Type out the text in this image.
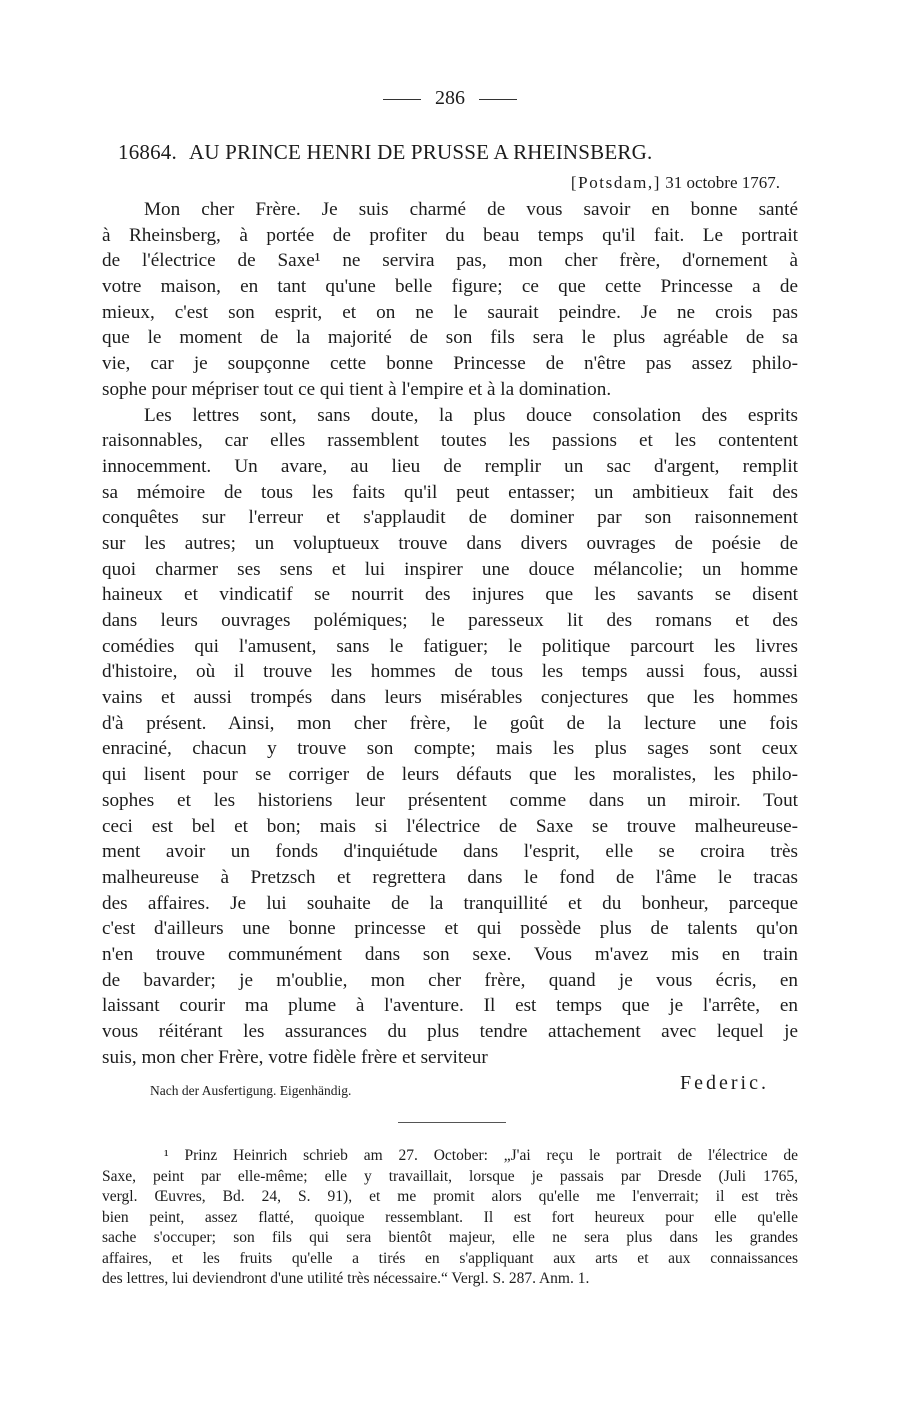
286
16864. AU PRINCE HENRI DE PRUSSE A RHEINSBERG.
[Potsdam,] 31 octobre 1767.
Mon cher Frère. Je suis charmé de vous savoir en bonne santé
à Rheinsberg, à portée de profiter du beau temps qu'il fait. Le portrait
de l'électrice de Saxe¹ ne servira pas, mon cher frère, d'ornement à
votre maison, en tant qu'une belle figure; ce que cette Princesse a de
mieux, c'est son esprit, et on ne le saurait peindre. Je ne crois pas
que le moment de la majorité de son fils sera le plus agréable de sa
vie, car je soupçonne cette bonne Princesse de n'être pas assez philo-
sophe pour mépriser tout ce qui tient à l'empire et à la domination.
Les lettres sont, sans doute, la plus douce consolation des esprits
raisonnables, car elles rassemblent toutes les passions et les contentent
innocemment. Un avare, au lieu de remplir un sac d'argent, remplit
sa mémoire de tous les faits qu'il peut entasser; un ambitieux fait des
conquêtes sur l'erreur et s'applaudit de dominer par son raisonnement
sur les autres; un voluptueux trouve dans divers ouvrages de poésie de
quoi charmer ses sens et lui inspirer une douce mélancolie; un homme
haineux et vindicatif se nourrit des injures que les savants se disent
dans leurs ouvrages polémiques; le paresseux lit des romans et des
comédies qui l'amusent, sans le fatiguer; le politique parcourt les livres
d'histoire, où il trouve les hommes de tous les temps aussi fous, aussi
vains et aussi trompés dans leurs misérables conjectures que les hommes
d'à présent. Ainsi, mon cher frère, le goût de la lecture une fois
enraciné, chacun y trouve son compte; mais les plus sages sont ceux
qui lisent pour se corriger de leurs défauts que les moralistes, les philo-
sophes et les historiens leur présentent comme dans un miroir. Tout
ceci est bel et bon; mais si l'électrice de Saxe se trouve malheureuse-
ment avoir un fonds d'inquiétude dans l'esprit, elle se croira très
malheureuse à Pretzsch et regrettera dans le fond de l'âme le tracas
des affaires. Je lui souhaite de la tranquillité et du bonheur, parceque
c'est d'ailleurs une bonne princesse et qui possède plus de talents qu'on
n'en trouve communément dans son sexe. Vous m'avez mis en train
de bavarder; je m'oublie, mon cher frère, quand je vous écris, en
laissant courir ma plume à l'aventure. Il est temps que je l'arrête, en
vous réitérant les assurances du plus tendre attachement avec lequel je
suis, mon cher Frère, votre fidèle frère et serviteur
Nach der Ausfertigung. Eigenhändig.	Federic.
¹ Prinz Heinrich schrieb am 27. October: „J'ai reçu le portrait de l'électrice de
Saxe, peint par elle-même; elle y travaillait, lorsque je passais par Dresde (Juli 1765,
vergl. Œuvres, Bd. 24, S. 91), et me promit alors qu'elle me l'enverrait; il est très
bien peint, assez flatté, quoique ressemblant. Il est fort heureux pour elle qu'elle
sache s'occuper; son fils qui sera bientôt majeur, elle ne sera plus dans les grandes
affaires, et les fruits qu'elle a tirés en s'appliquant aux arts et aux connaissances
des lettres, lui deviendront d'une utilité très nécessaire.“ Vergl. S. 287. Anm. 1.
